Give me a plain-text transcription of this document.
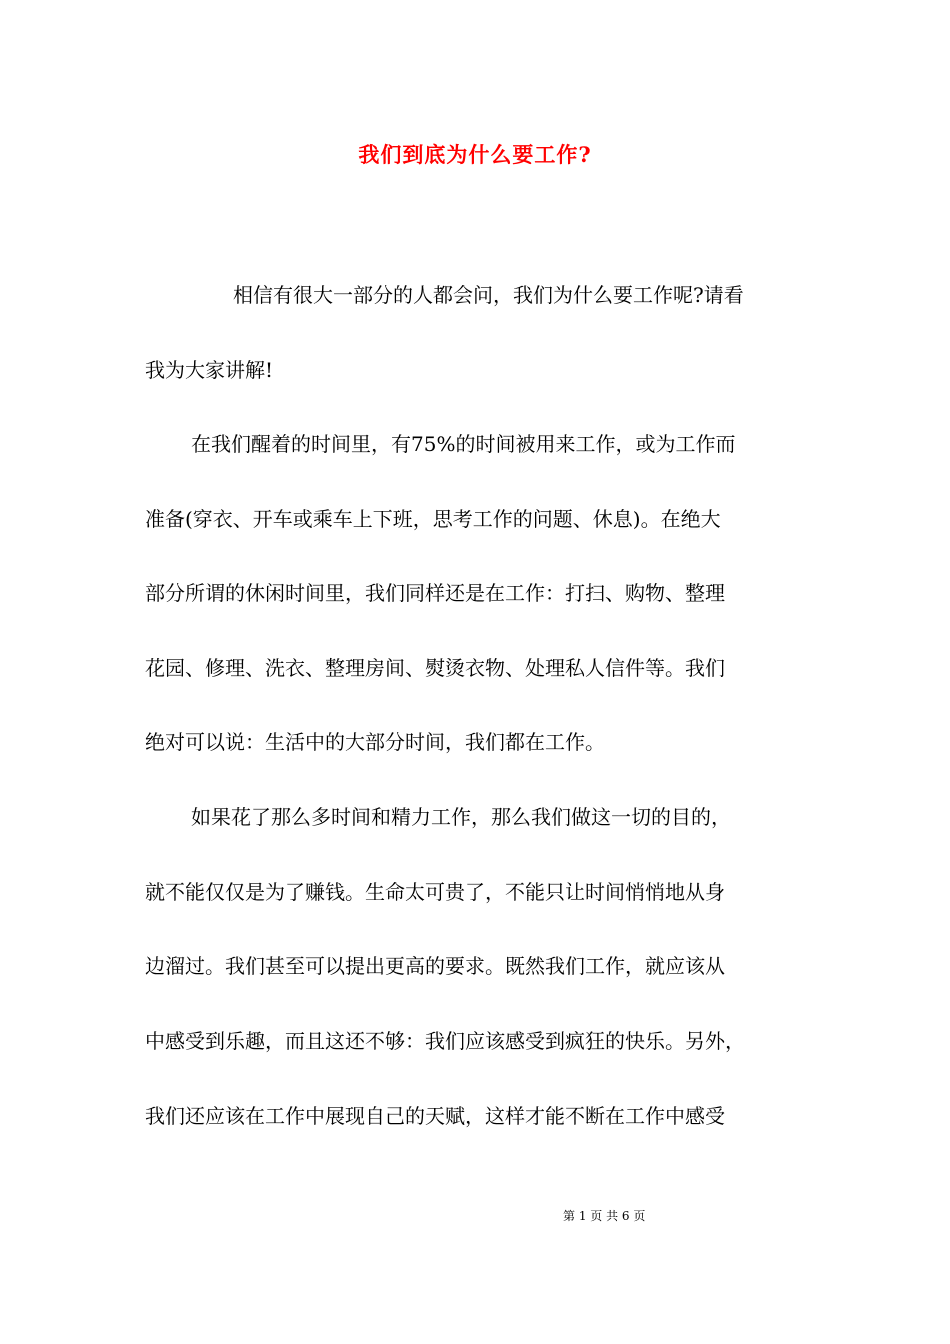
我们到底为什么要工作?
相信有很大一部分的人都会问，我们为什么要工作呢?请看
我为大家讲解!
在我们醒着的时间里，有75%的时间被用来工作，或为工作而
准备(穿衣、开车或乘车上下班，思考工作的问题、休息)。在绝大
部分所谓的休闲时间里，我们同样还是在工作：打扫、购物、整理
花园、修理、洗衣、整理房间、熨烫衣物、处理私人信件等。我们
绝对可以说：生活中的大部分时间，我们都在工作。
如果花了那么多时间和精力工作，那么我们做这一切的目的，
就不能仅仅是为了赚钱。生命太可贵了，不能只让时间悄悄地从身
边溜过。我们甚至可以提出更高的要求。既然我们工作，就应该从
中感受到乐趣，而且这还不够：我们应该感受到疯狂的快乐。另外，
我们还应该在工作中展现自己的天赋，这样才能不断在工作中感受
第 1 页 共 6 页
